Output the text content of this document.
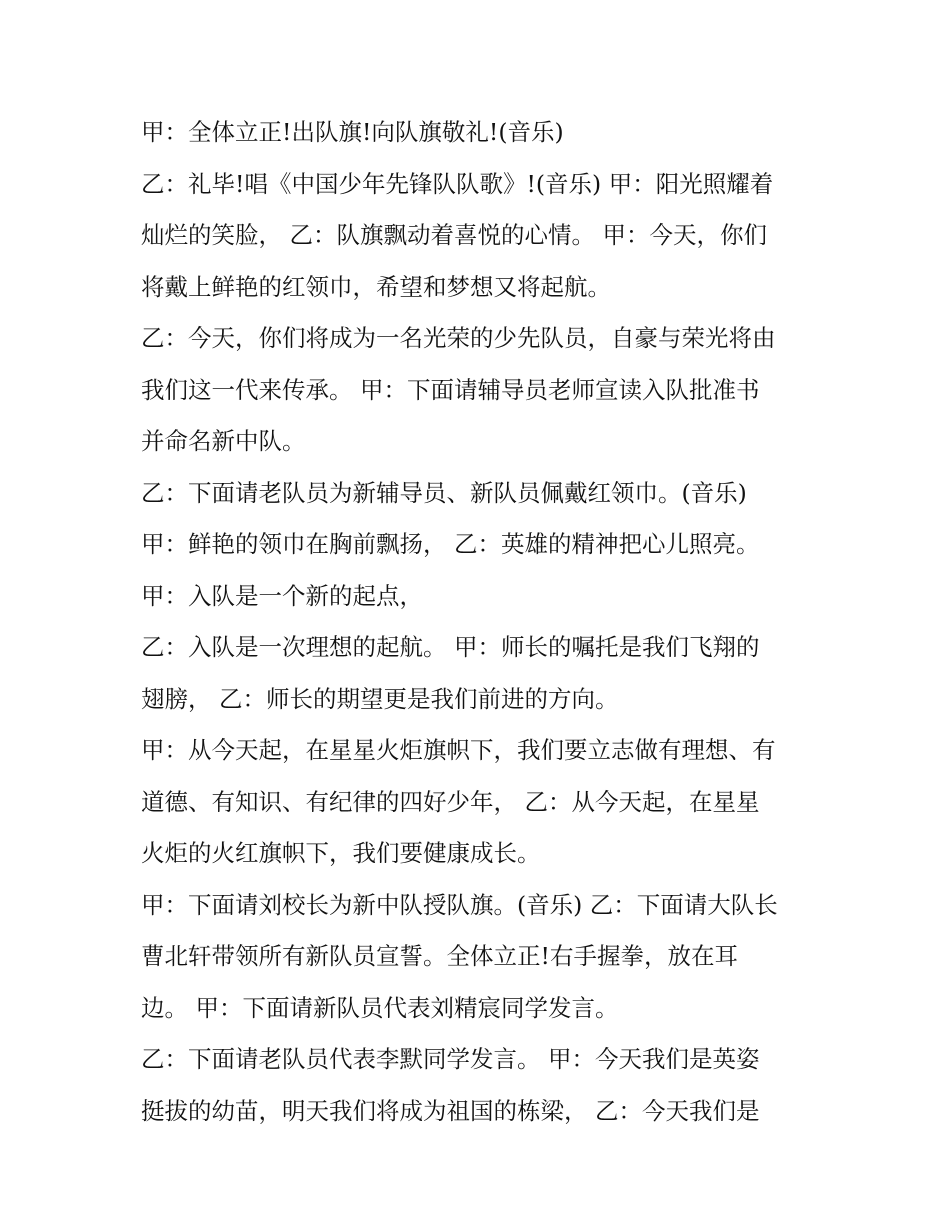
甲：全体立正!出队旗!向队旗敬礼!(音乐)
乙：礼毕!唱《中国少年先锋队队歌》!(音乐) 甲：阳光照耀着
灿烂的笑脸， 乙：队旗飘动着喜悦的心情。 甲：今天，你们
将戴上鲜艳的红领巾，希望和梦想又将起航。
乙：今天，你们将成为一名光荣的少先队员，自豪与荣光将由
我们这一代来传承。 甲：下面请辅导员老师宣读入队批准书
并命名新中队。
乙：下面请老队员为新辅导员、新队员佩戴红领巾。(音乐)
甲：鲜艳的领巾在胸前飘扬， 乙：英雄的精神把心儿照亮。
甲：入队是一个新的起点，
乙：入队是一次理想的起航。 甲：师长的嘱托是我们飞翔的
翅膀， 乙：师长的期望更是我们前进的方向。
甲：从今天起，在星星火炬旗帜下，我们要立志做有理想、有
道德、有知识、有纪律的四好少年， 乙：从今天起，在星星
火炬的火红旗帜下，我们要健康成长。
甲：下面请刘校长为新中队授队旗。(音乐) 乙：下面请大队长
曹北轩带领所有新队员宣誓。全体立正!右手握拳，放在耳
边。 甲：下面请新队员代表刘精宸同学发言。
乙：下面请老队员代表李默同学发言。 甲：今天我们是英姿
挺拔的幼苗，明天我们将成为祖国的栋梁， 乙：今天我们是
